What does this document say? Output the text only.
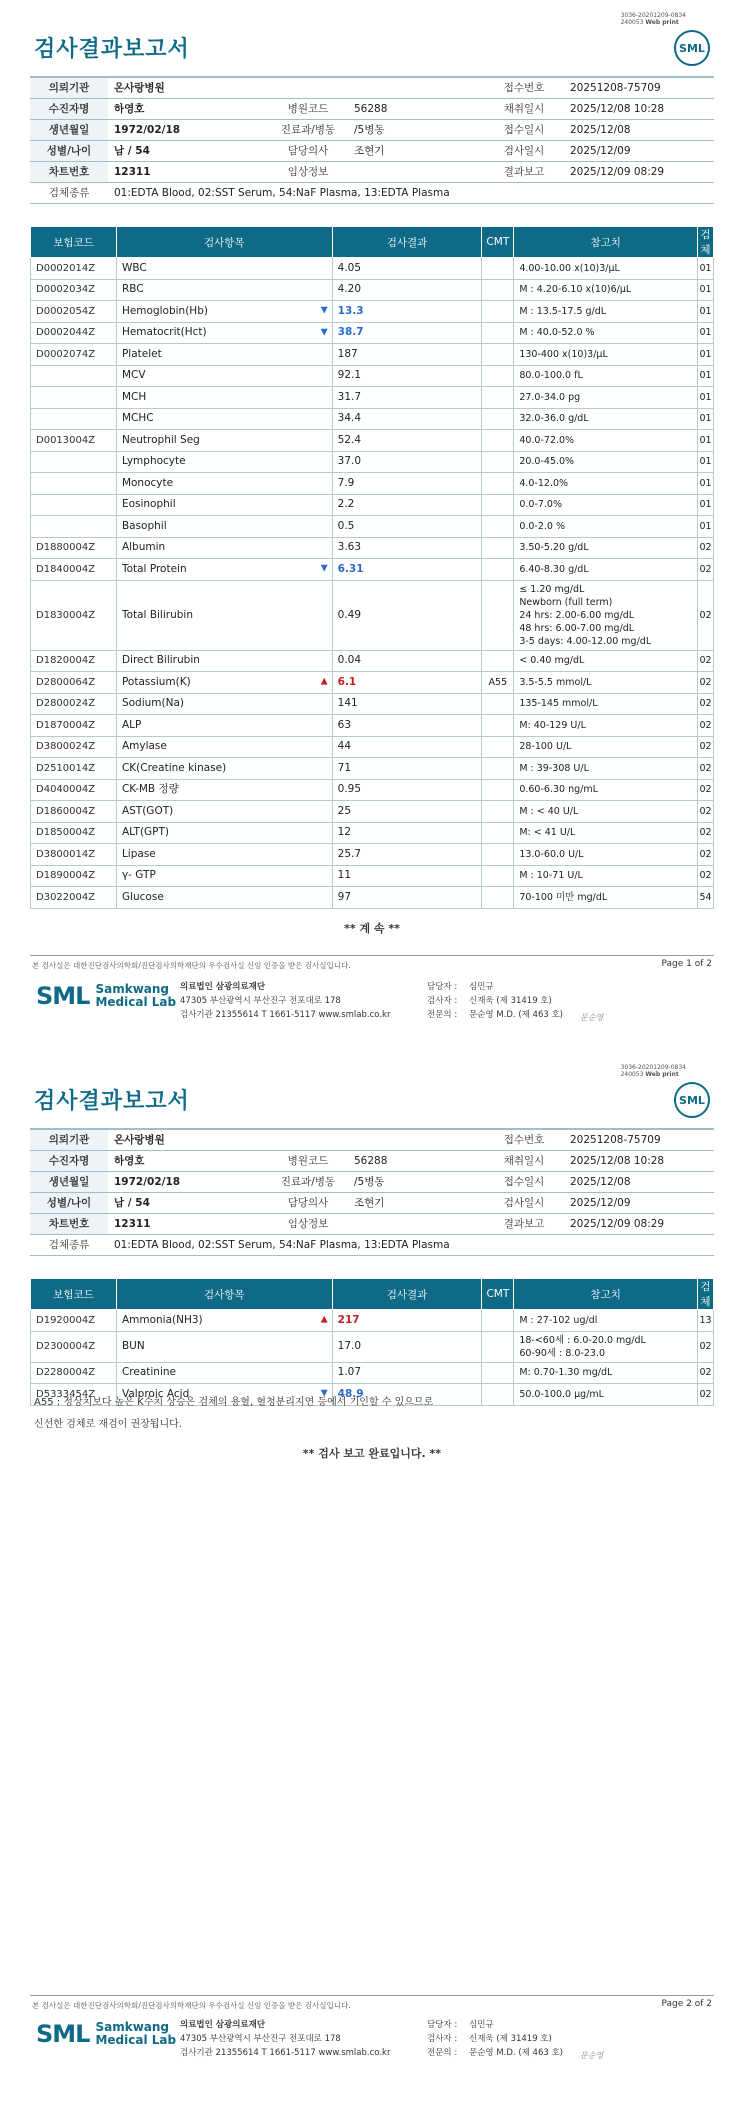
3036-20201209-0834
240053 Web print
검사결과보고서	SML
의뢰기관	온사랑병원			접수번호	20251208-75709
수진자명	하영호	병원코드	56288	채취일시	2025/12/08 10:28
생년월일	1972/02/18	진료과/병동	/5병동	접수일시	2025/12/08
성별/나이	남 / 54	담당의사	조현기	검사일시	2025/12/09
차트번호	12311	임상정보		결과보고	2025/12/09 08:29
검체종류	01:EDTA Blood, 02:SST Serum, 54:NaF Plasma, 13:EDTA Plasma				
보험코드	검사항목	검사결과	CMT	참고치	검체
D0002014Z	WBC	4.05		4.00-10.00 x(10)3/μL	01
D0002034Z	RBC	4.20		M : 4.20-6.10 x(10)6/μL	01
D0002054Z	Hemoglobin(Hb) ▼	13.3		M : 13.5-17.5 g/dL	01
D0002044Z	Hematocrit(Hct) ▼	38.7		M : 40.0-52.0 %	01
D0002074Z	Platelet	187		130-400 x(10)3/μL	01
	MCV	92.1		80.0-100.0 fL	01
	MCH	31.7		27.0-34.0 pg	01
	MCHC	34.4		32.0-36.0 g/dL	01
D0013004Z	Neutrophil Seg	52.4		40.0-72.0%	01
	Lymphocyte	37.0		20.0-45.0%	01
	Monocyte	7.9		4.0-12.0%	01
	Eosinophil	2.2		0.0-7.0%	01
	Basophil	0.5		0.0-2.0 %	01
D1880004Z	Albumin	3.63		3.50-5.20 g/dL	02
D1840004Z	Total Protein ▼	6.31		6.40-8.30 g/dL	02
D1830004Z	Total Bilirubin	0.49		≤ 1.20 mg/dL
Newborn (full term)
24 hrs: 2.00-6.00 mg/dL
48 hrs: 6.00-7.00 mg/dL
3-5 days: 4.00-12.00 mg/dL	02
D1820004Z	Direct Bilirubin	0.04		< 0.40 mg/dL	02
D2800064Z	Potassium(K) ▲	6.1	A55	3.5-5.5 mmol/L	02
D2800024Z	Sodium(Na)	141		135-145 mmol/L	02
D1870004Z	ALP	63		M: 40-129 U/L	02
D3800024Z	Amylase	44		28-100 U/L	02
D2510014Z	CK(Creatine kinase)	71		M : 39-308 U/L	02
D4040004Z	CK-MB 정량	0.95		0.60-6.30 ng/mL	02
D1860004Z	AST(GOT)	25		M : < 40 U/L	02
D1850004Z	ALT(GPT)	12		M: < 41 U/L	02
D3800014Z	Lipase	25.7		13.0-60.0 U/L	02
D1890004Z	γ- GTP	11		M : 10-71 U/L	02
D3022004Z	Glucose	97		70-100 미만 mg/dL	54
** 계 속 **
본 검사실은 대한진단검사의학회/진단검사의학재단의 우수검사실 신임 인증을 받은 검사실입니다.	Page 1 of 2
SML Samkwang
Medical Lab
의료법인 삼광의료재단
47305 부산광역시 부산진구 전포대로 178
검사기관 21355614 T 1661-5117 www.smlab.co.kr
담당자 : 심민규
검사자 : 신재욱 (제 31419 호)
전문의 : 문순영 M.D. (제 463 호) 문순영
3036-20201209-0834
240053 Web print
검사결과보고서	SML
의뢰기관	온사랑병원			접수번호	20251208-75709
수진자명	하영호	병원코드	56288	채취일시	2025/12/08 10:28
생년월일	1972/02/18	진료과/병동	/5병동	접수일시	2025/12/08
성별/나이	남 / 54	담당의사	조현기	검사일시	2025/12/09
차트번호	12311	임상정보		결과보고	2025/12/09 08:29
검체종류	01:EDTA Blood, 02:SST Serum, 54:NaF Plasma, 13:EDTA Plasma				
보험코드	검사항목	검사결과	CMT	참고치	검체
D1920004Z	Ammonia(NH3) ▲	217		M : 27-102 ug/dl	13
D2300004Z	BUN	17.0		18-<60세 : 6.0-20.0 mg/dL
60-90세 : 8.0-23.0	02
D2280004Z	Creatinine	1.07		M: 0.70-1.30 mg/dL	02
D5333454Z	Valproic Acid ▼	48.9		50.0-100.0 μg/mL	02
A55 : 정상치보다 높은 K수치 상승은 검체의 용혈, 혈청분리지연 등에서 기인할 수 있으므로
신선한 검체로 재검이 권장됩니다.
** 검사 보고 완료입니다. **
본 검사실은 대한진단검사의학회/진단검사의학재단의 우수검사실 신임 인증을 받은 검사실입니다.	Page 2 of 2
SML Samkwang
Medical Lab
의료법인 삼광의료재단
47305 부산광역시 부산진구 전포대로 178
검사기관 21355614 T 1661-5117 www.smlab.co.kr
담당자 : 심민규
검사자 : 신재욱 (제 31419 호)
전문의 : 문순영 M.D. (제 463 호) 문순영
